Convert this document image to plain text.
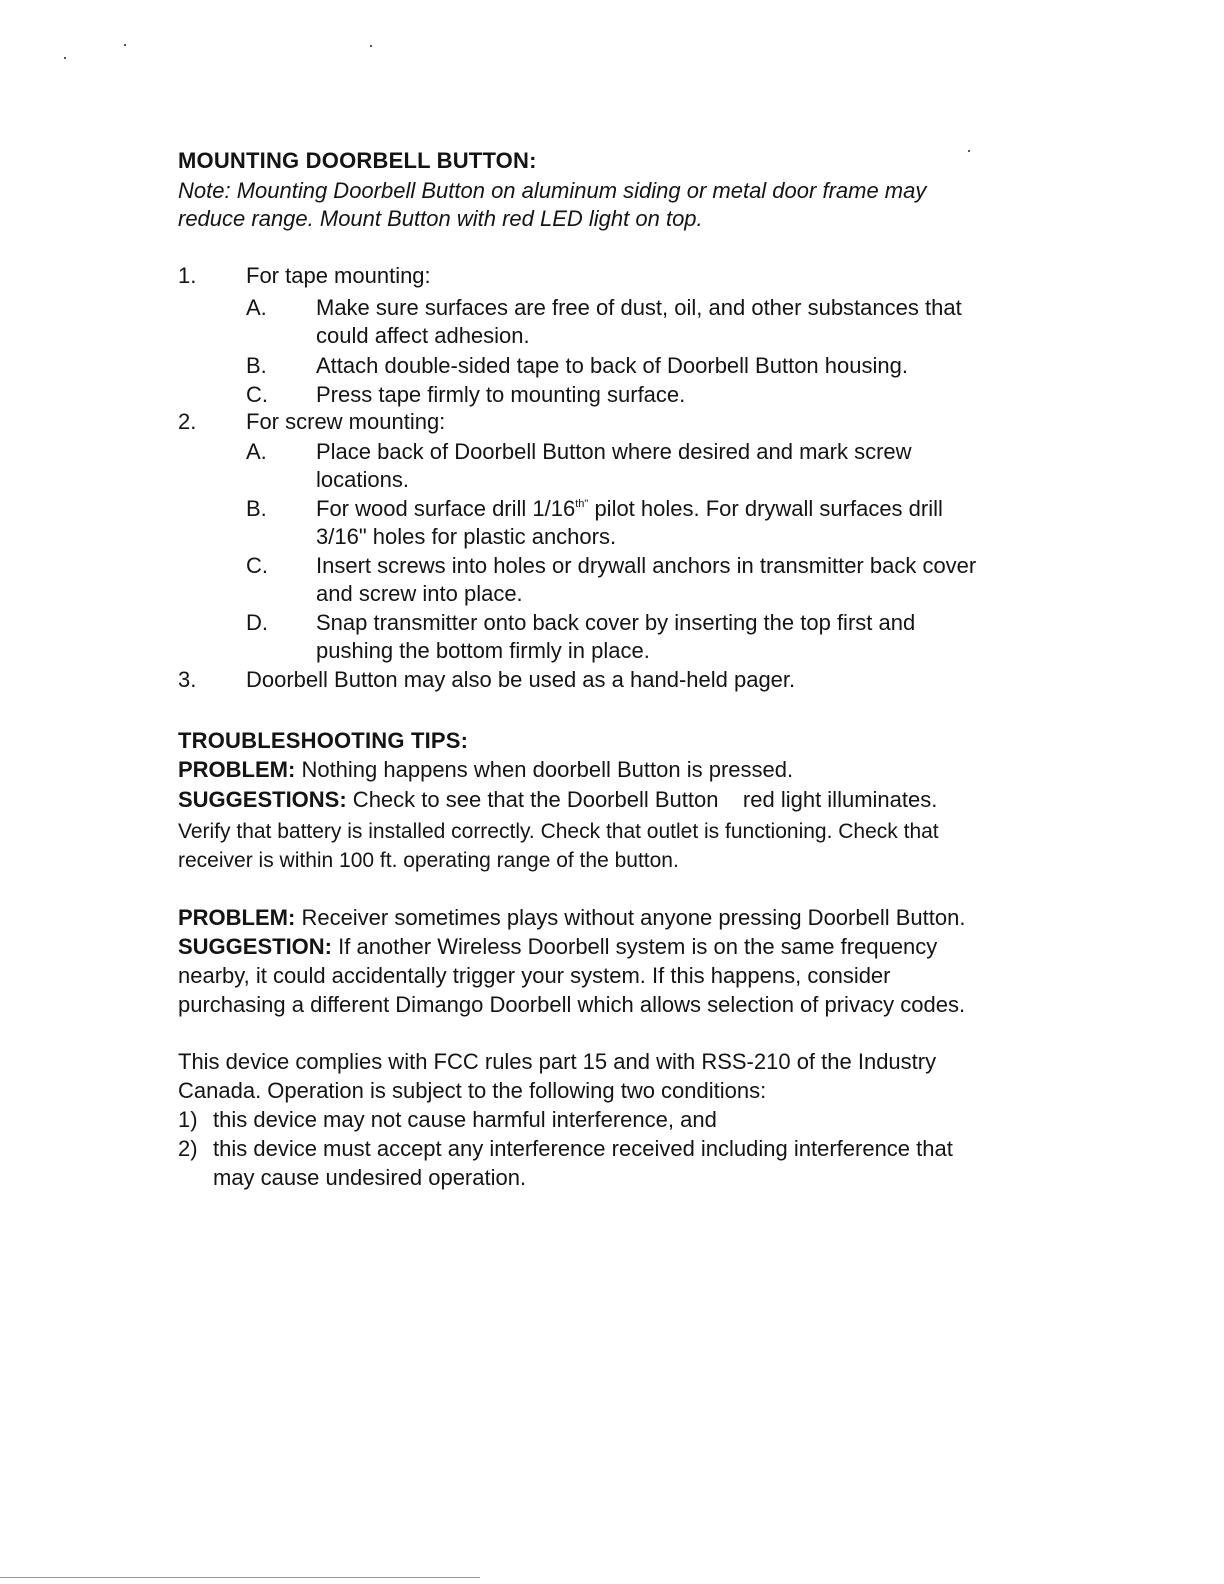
MOUNTING DOORBELL BUTTON:
Note: Mounting Doorbell Button on aluminum siding or metal door frame may
reduce range. Mount Button with red LED light on top.
1. For tape mounting:
A. Make sure surfaces are free of dust, oil, and other substances that
could affect adhesion.
B. Attach double-sided tape to back of Doorbell Button housing.
C. Press tape firmly to mounting surface.
2. For screw mounting:
A. Place back of Doorbell Button where desired and mark screw
locations.
B. For wood surface drill $1/16^{th"}$ pilot holes. For drywall surfaces drill
3/16" holes for plastic anchors.
C. Insert screws into holes or drywall anchors in transmitter back cover
and screw into place.
D. Snap transmitter onto back cover by inserting the top first and
pushing the bottom firmly in place.
3. Doorbell Button may also be used as a hand-held pager.
TROUBLESHOOTING TIPS:
PROBLEM: Nothing happens when doorbell Button is pressed.
SUGGESTIONS: Check to see that the Doorbell Button    red light illuminates.
Verify that battery is installed correctly. Check that outlet is functioning. Check that
receiver is within 100 ft. operating range of the button.
PROBLEM: Receiver sometimes plays without anyone pressing Doorbell Button.
SUGGESTION: If another Wireless Doorbell system is on the same frequency
nearby, it could accidentally trigger your system. If this happens, consider
purchasing a different Dimango Doorbell which allows selection of privacy codes.
This device complies with FCC rules part 15 and with RSS-210 of the Industry
Canada. Operation is subject to the following two conditions:
1) this device may not cause harmful interference, and
2) this device must accept any interference received including interference that
may cause undesired operation.
